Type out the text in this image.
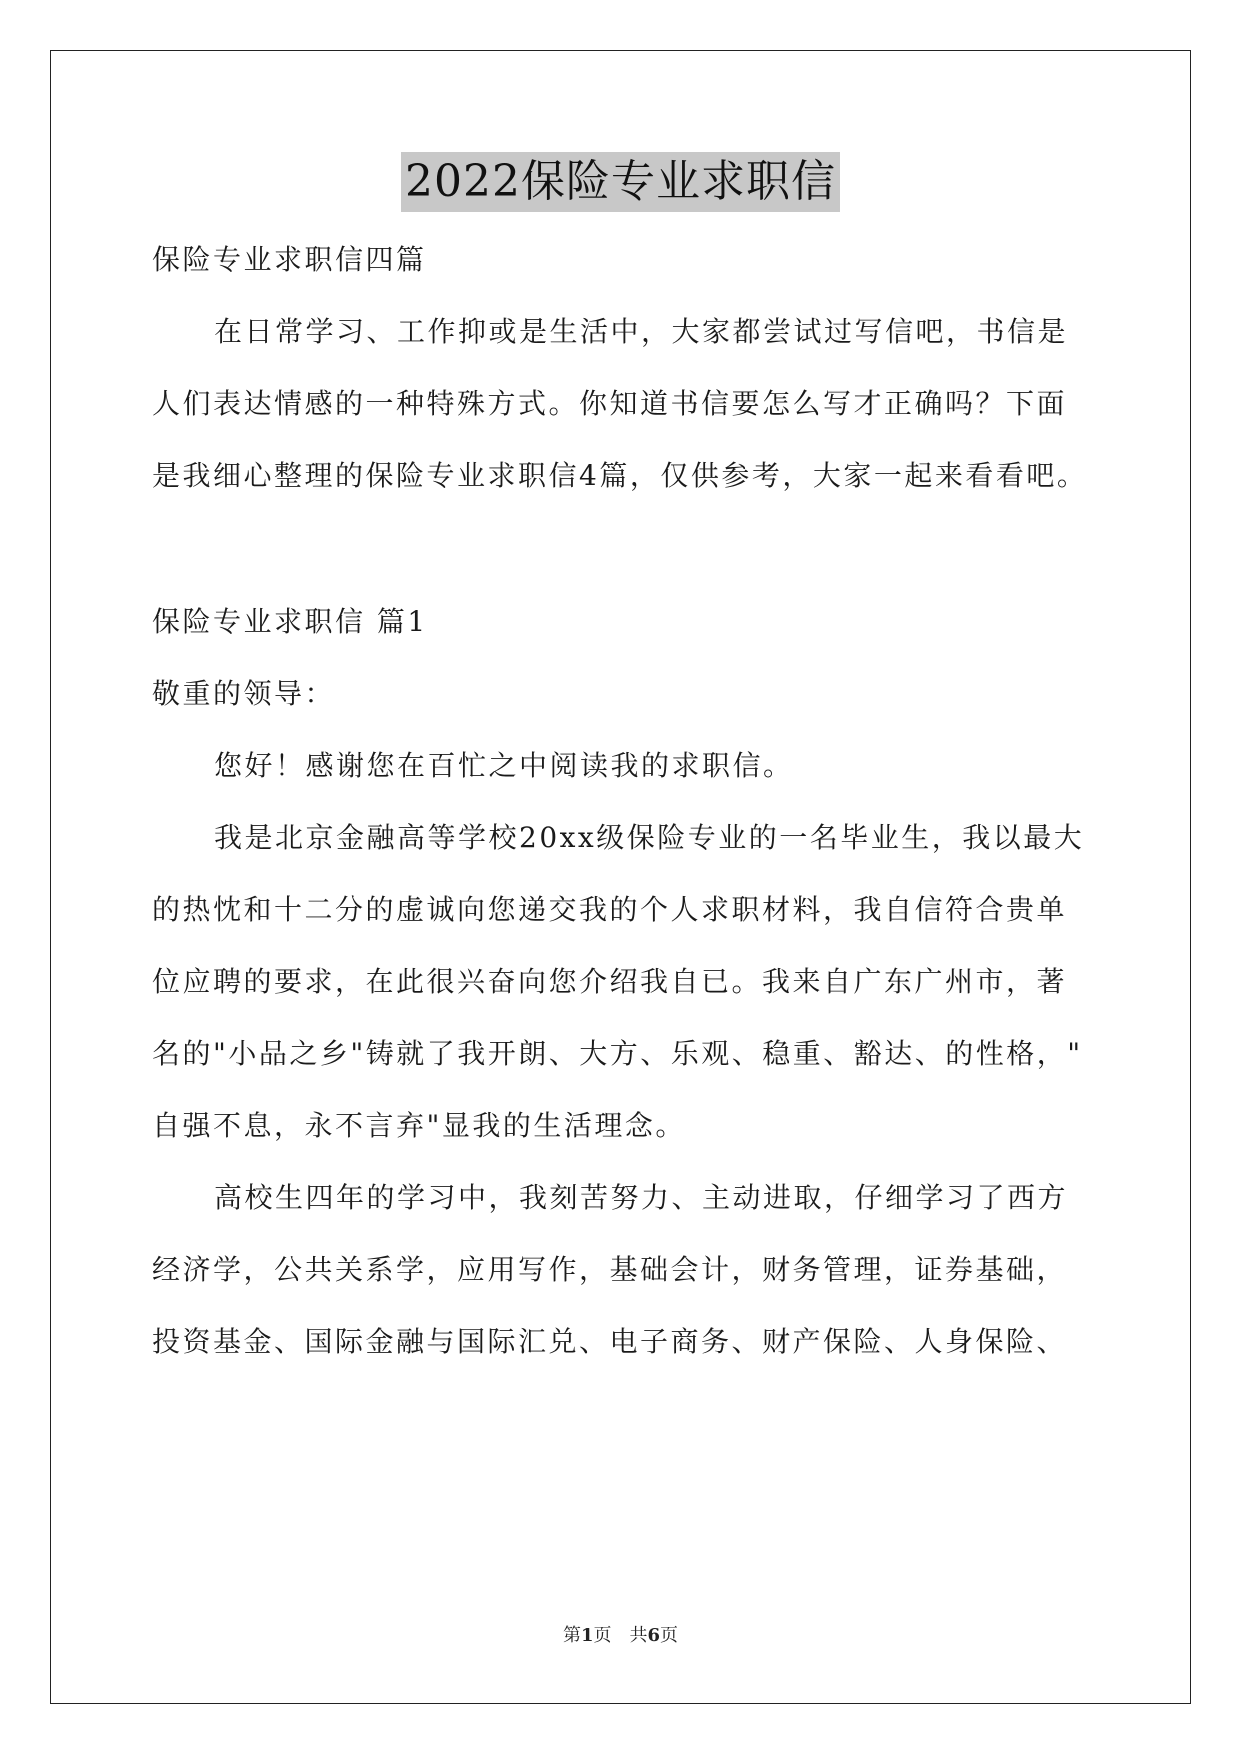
2022保险专业求职信
保险专业求职信四篇
在日常学习、工作抑或是生活中，大家都尝试过写信吧，书信是
人们表达情感的一种特殊方式。你知道书信要怎么写才正确吗？下面
是我细心整理的保险专业求职信4篇，仅供参考，大家一起来看看吧。
保险专业求职信 篇1
敬重的领导：
您好！感谢您在百忙之中阅读我的求职信。
我是北京金融高等学校20xx级保险专业的一名毕业生，我以最大
的热忱和十二分的虚诚向您递交我的个人求职材料，我自信符合贵单
位应聘的要求，在此很兴奋向您介绍我自已。我来自广东广州市，著
名的"小品之乡"铸就了我开朗、大方、乐观、稳重、豁达、的性格，"
自强不息，永不言弃"显我的生活理念。
高校生四年的学习中，我刻苦努力、主动进取，仔细学习了西方
经济学，公共关系学，应用写作，基础会计，财务管理，证券基础，
投资基金、国际金融与国际汇兑、电子商务、财产保险、人身保险、
第1页　共6页
